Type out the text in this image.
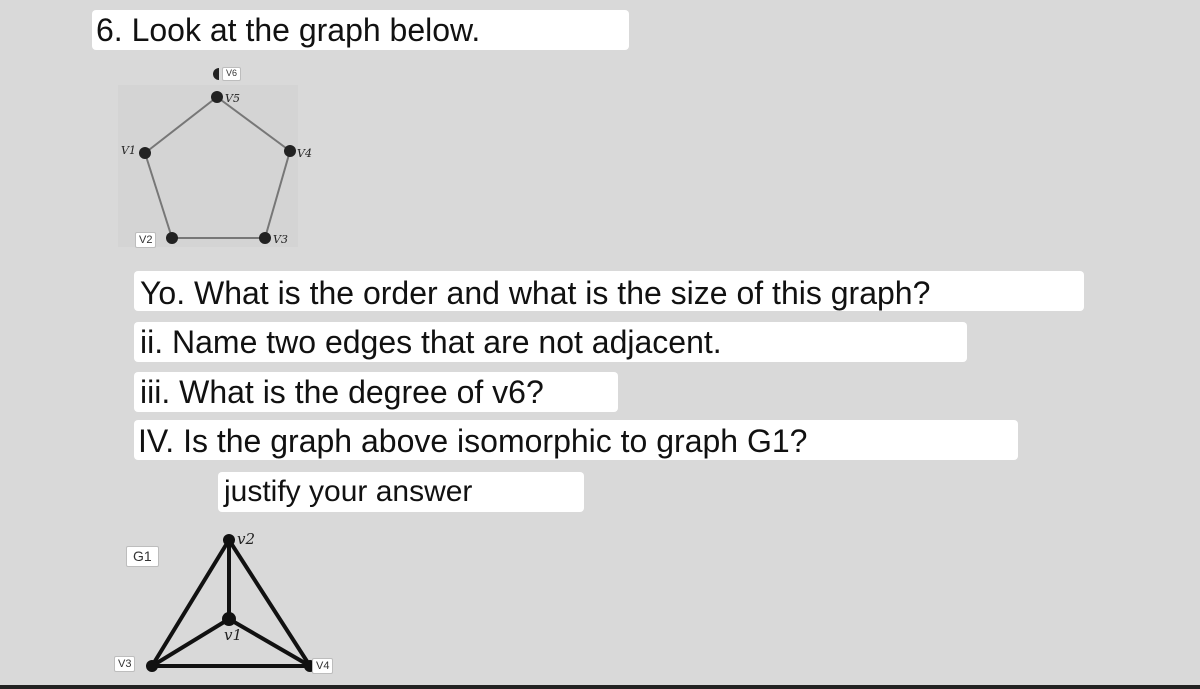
6. Look at the graph below.
V5
V4
V3
V1
v2
v1
V6
V2
G1
V3	V4
Yo. What is the order and what is the size of this graph?
ii. Name two edges that are not adjacent.
iii. What is the degree of v6?
IV. Is the graph above isomorphic to graph G1?
justify your answer
